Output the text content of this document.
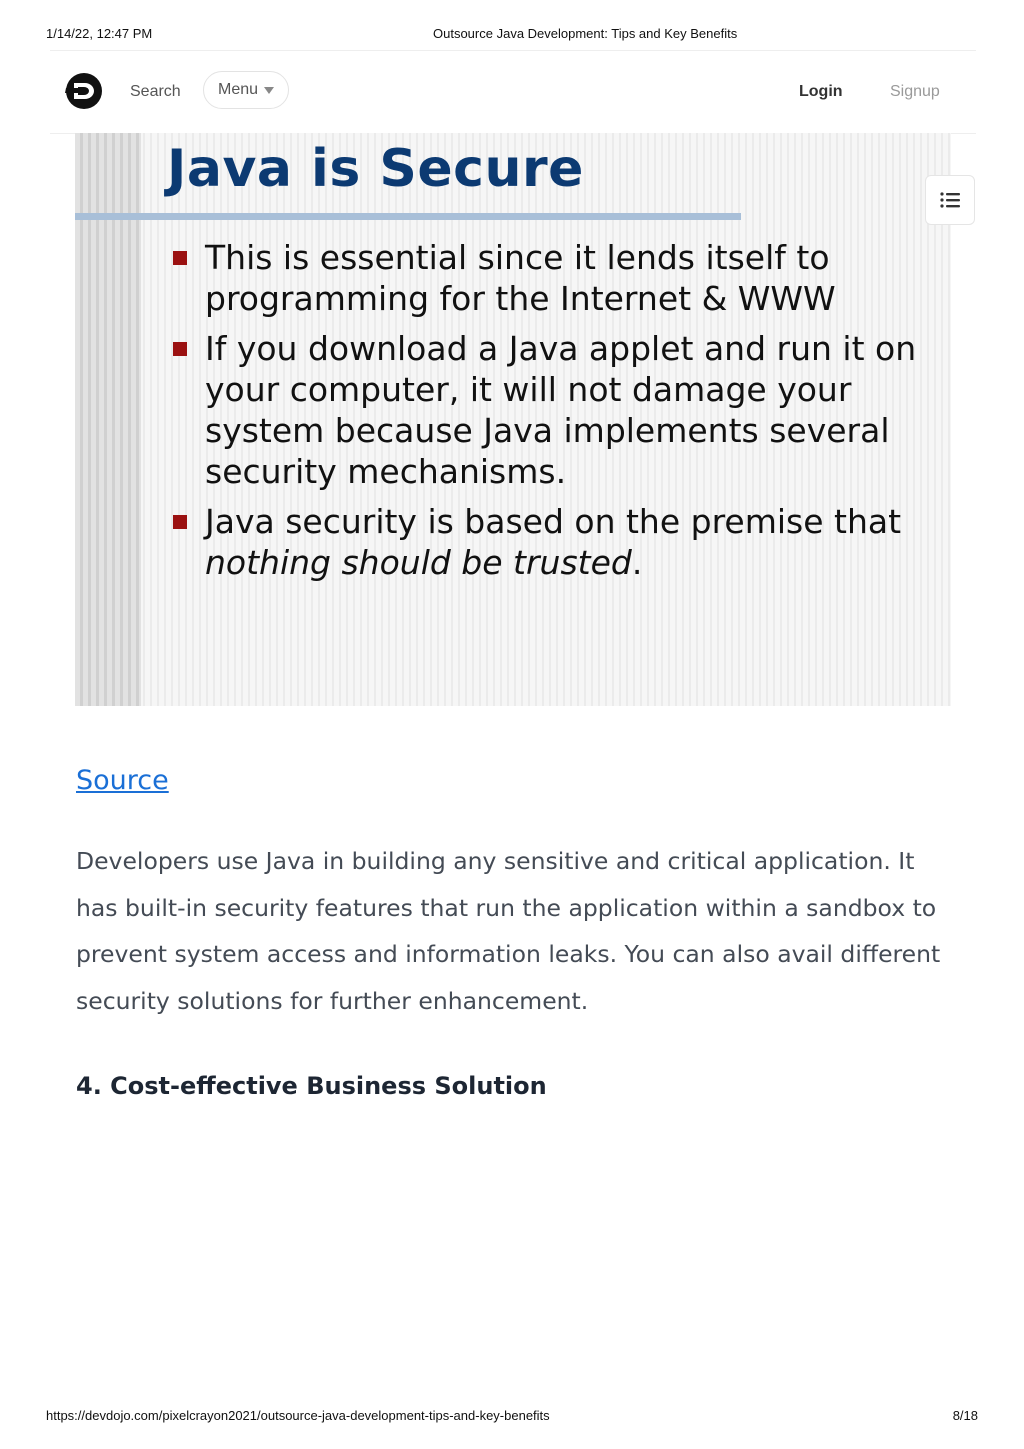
1/14/22, 12:47 PM	Outsource Java Development: Tips and Key Benefits
Search Menu	Login	Signup
Java is Secure
This is essential since it lends itself to programming for the Internet & WWW
If you download a Java applet and run it on your computer, it will not damage your system because Java implements several security mechanisms.
Java security is based on the premise that nothing should be trusted.
Source

Developers use Java in building any sensitive and critical application. It has built-in security features that run the application within a sandbox to prevent system access and information leaks. You can also avail different security solutions for further enhancement.

4. Cost-effective Business Solution
https://devdojo.com/pixelcrayon2021/outsource-java-development-tips-and-key-benefits	8/18
